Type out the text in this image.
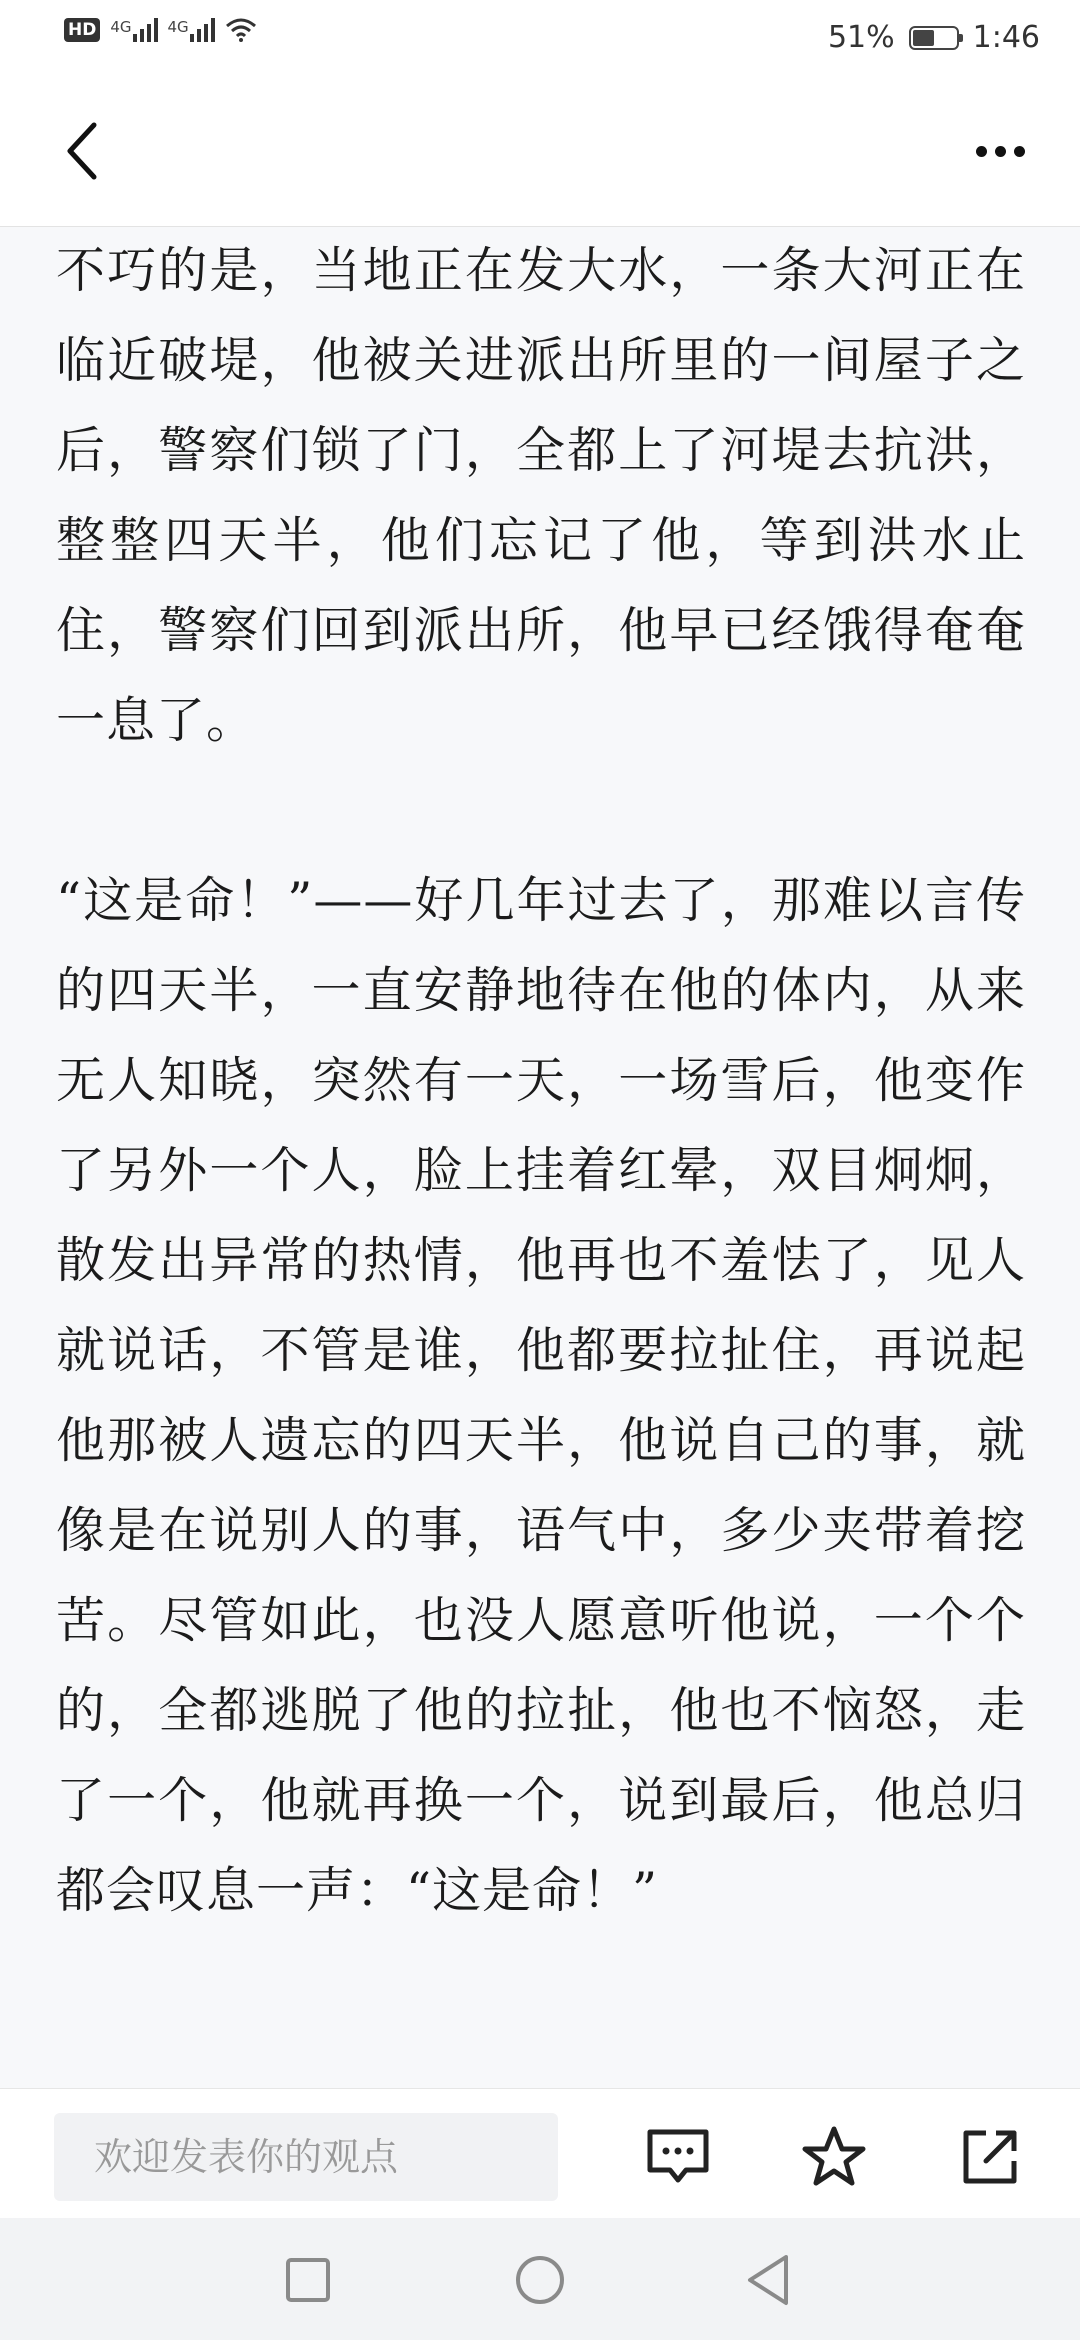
HD 4G 4G	51%	1:46

不巧的是，当地正在发大水，一条大河正在临近破堤，他被关进派出所里的一间屋子之后，警察们锁了门，全都上了河堤去抗洪，整整四天半，他们忘记了他，等到洪水止住，警察们回到派出所，他早已经饿得奄奄一息了。

“这是命！”——好几年过去了，那难以言传的四天半，一直安静地待在他的体内，从来无人知晓，突然有一天，一场雪后，他变作了另外一个人，脸上挂着红晕，双目炯炯，散发出异常的热情，他再也不羞怯了，见人就说话，不管是谁，他都要拉扯住，再说起他那被人遗忘的四天半，他说自己的事，就像是在说别人的事，语气中，多少夹带着挖苦。尽管如此，也没人愿意听他说，一个个的，全都逃脱了他的拉扯，他也不恼怒，走了一个，他就再换一个，说到最后，他总归都会叹息一声：“这是命！”

欢迎发表你的观点
